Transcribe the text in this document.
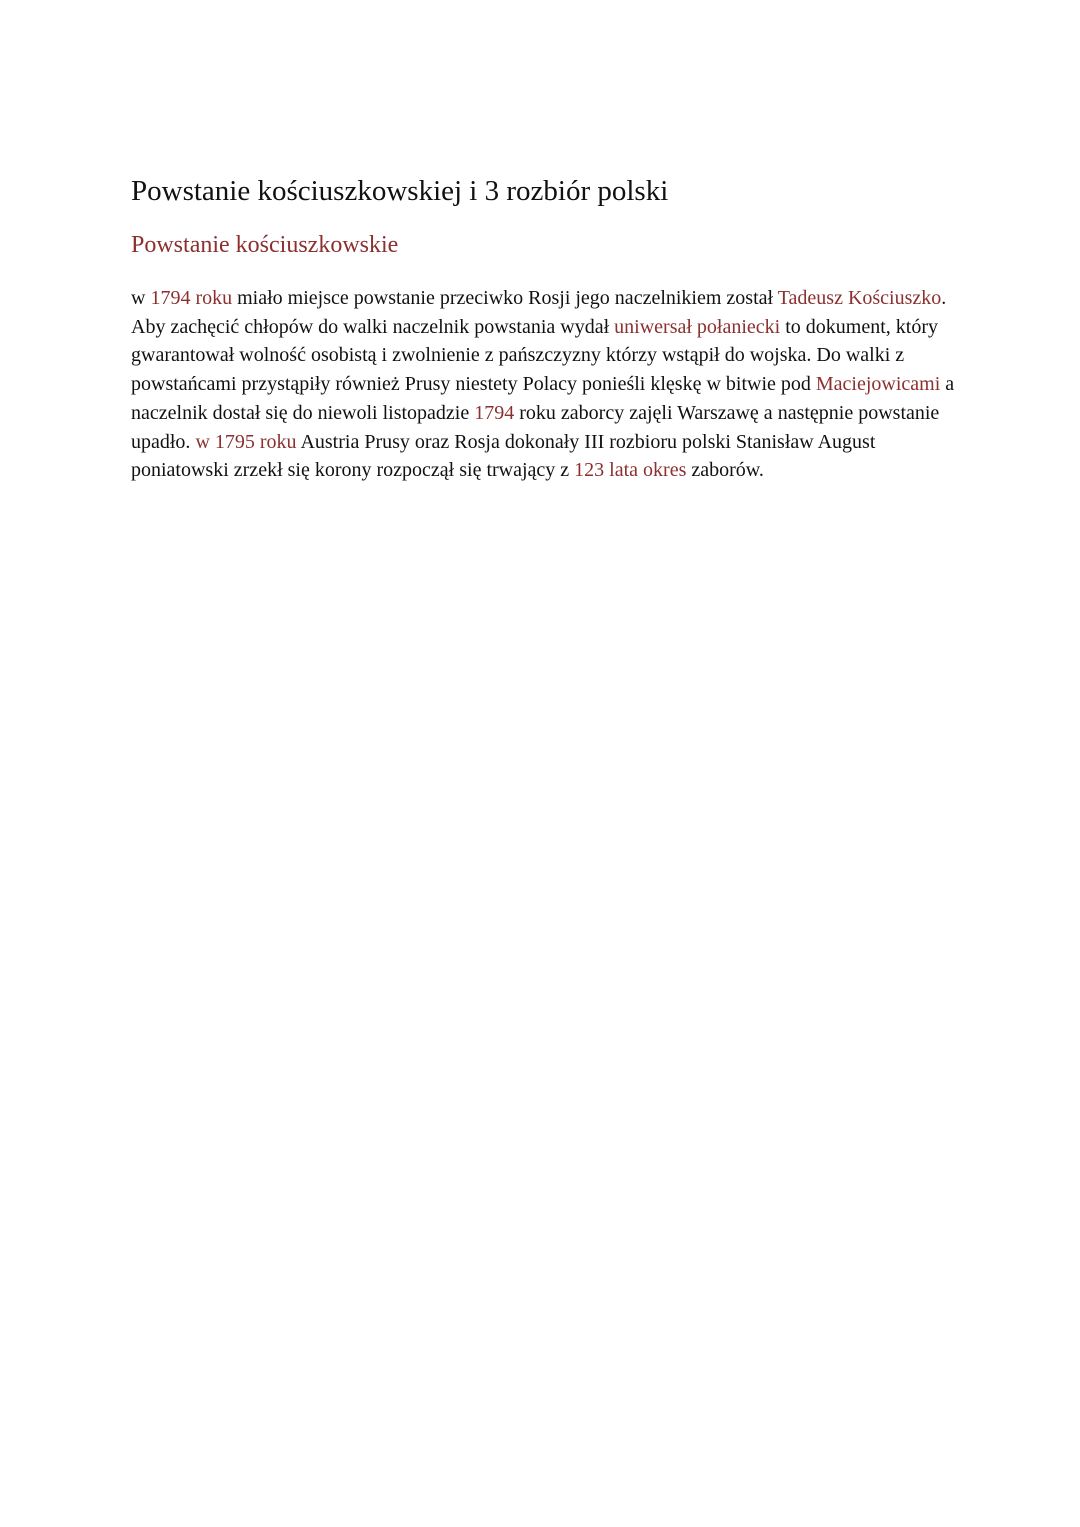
Powstanie kościuszkowskiej i 3 rozbiór polski
Powstanie kościuszkowskie

w 1794 roku miało miejsce powstanie przeciwko Rosji jego naczelnikiem został Tadeusz Kościuszko. Aby zachęcić chłopów do walki naczelnik powstania wydał uniwersał połaniecki to dokument, który gwarantował wolność osobistą i zwolnienie z pańszczyzny którzy wstąpił do wojska. Do walki z powstańcami przystąpiły również Prusy niestety Polacy ponieśli klęskę w bitwie pod Maciejowicami a naczelnik dostał się do niewoli listopadzie 1794 roku zaborcy zajęli Warszawę a następnie powstanie upadło. w 1795 roku Austria Prusy oraz Rosja dokonały III rozbioru polski Stanisław August poniatowski zrzekł się korony rozpoczął się trwający z 123 lata okres zaborów.
